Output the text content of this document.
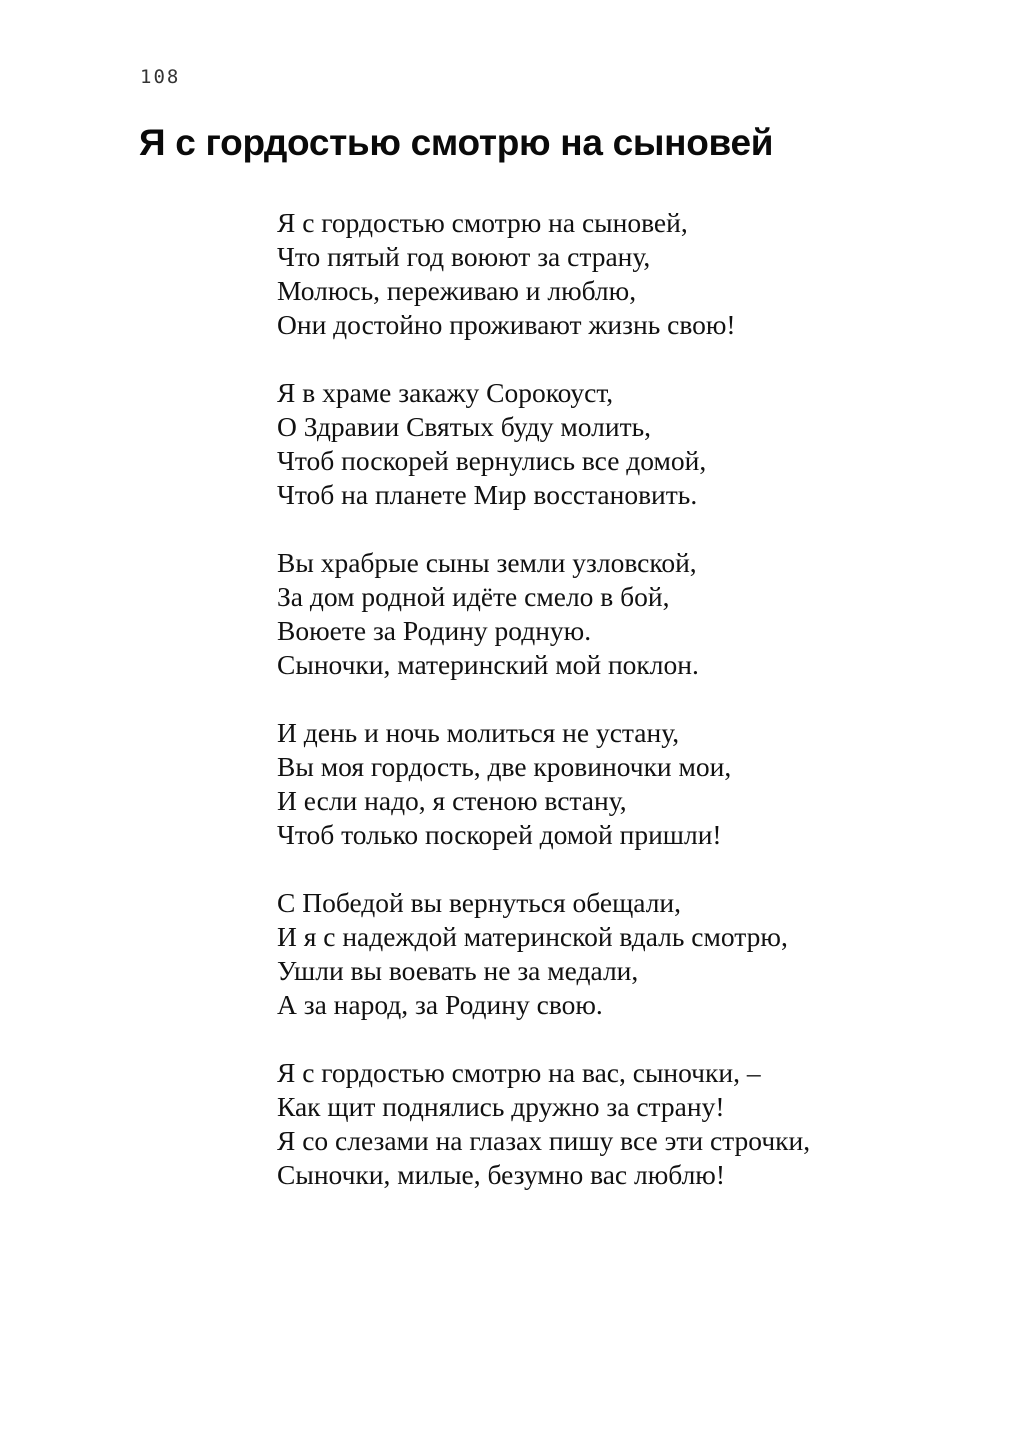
108
Я с гордостью смотрю на сыновей
Я с гордостью смотрю на сыновей,
Что пятый год воюют за страну,
Молюсь, переживаю и люблю,
Они достойно проживают жизнь свою!
Я в храме закажу Сорокоуст,
О Здравии Святых буду молить,
Чтоб поскорей вернулись все домой,
Чтоб на планете Мир восстановить.
Вы храбрые сыны земли узловской,
За дом родной идёте смело в бой,
Воюете за Родину родную.
Сыночки, материнский мой поклон.
И день и ночь молиться не устану,
Вы моя гордость, две кровиночки мои,
И если надо, я стеною встану,
Чтоб только поскорей домой пришли!
С Победой вы вернуться обещали,
И я с надеждой материнской вдаль смотрю,
Ушли вы воевать не за медали,
А за народ, за Родину свою.
Я с гордостью смотрю на вас, сыночки, –
Как щит поднялись дружно за страну!
Я со слезами на глазах пишу все эти строчки,
Сыночки, милые, безумно вас люблю!
